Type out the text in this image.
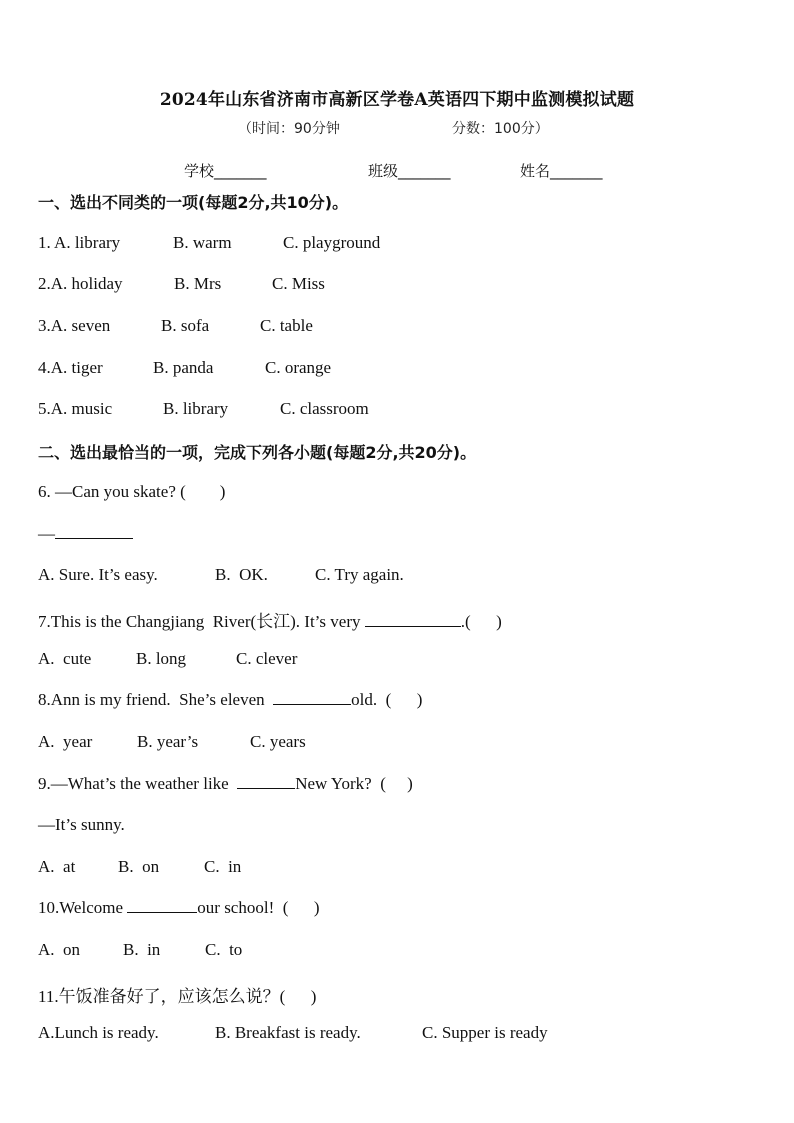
2024年山东省济南市高新区学卷A英语四下期中监测模拟试题
（时间：90分钟	分数：100分）
学校_______	班级_______	姓名_______
一、选出不同类的一项(每题2分,共10分)。
1. A. library	B. warm	C. playground
2.A. holiday	B. Mrs	C. Miss
3.A. seven	B. sofa	C. table
4.A. tiger	B. panda	C. orange
5.A. music	B. library	C. classroom
二、选出最恰当的一项，完成下列各小题(每题2分,共20分)。
6. —Can you skate? (        )
—
A. Sure. It’s easy.	B.  OK.	C. Try again.
7.This is the Changjiang  River(长江). It’s very	.(      )
A.  cute	B. long	C. clever
8.Ann is my friend.  She’s eleven	old.  (      )
A.  year	B. year’s	C. years
9.—What’s the weather like	New York?  (     )
—It’s sunny.
A.  at	B.  on	C.  in
10.Welcome	our school!  (      )
A.  on	B.  in	C.  to
11.午饭准备好了，应该怎么说？(      )
A.Lunch is ready.	B. Breakfast is ready.	C. Supper is ready
